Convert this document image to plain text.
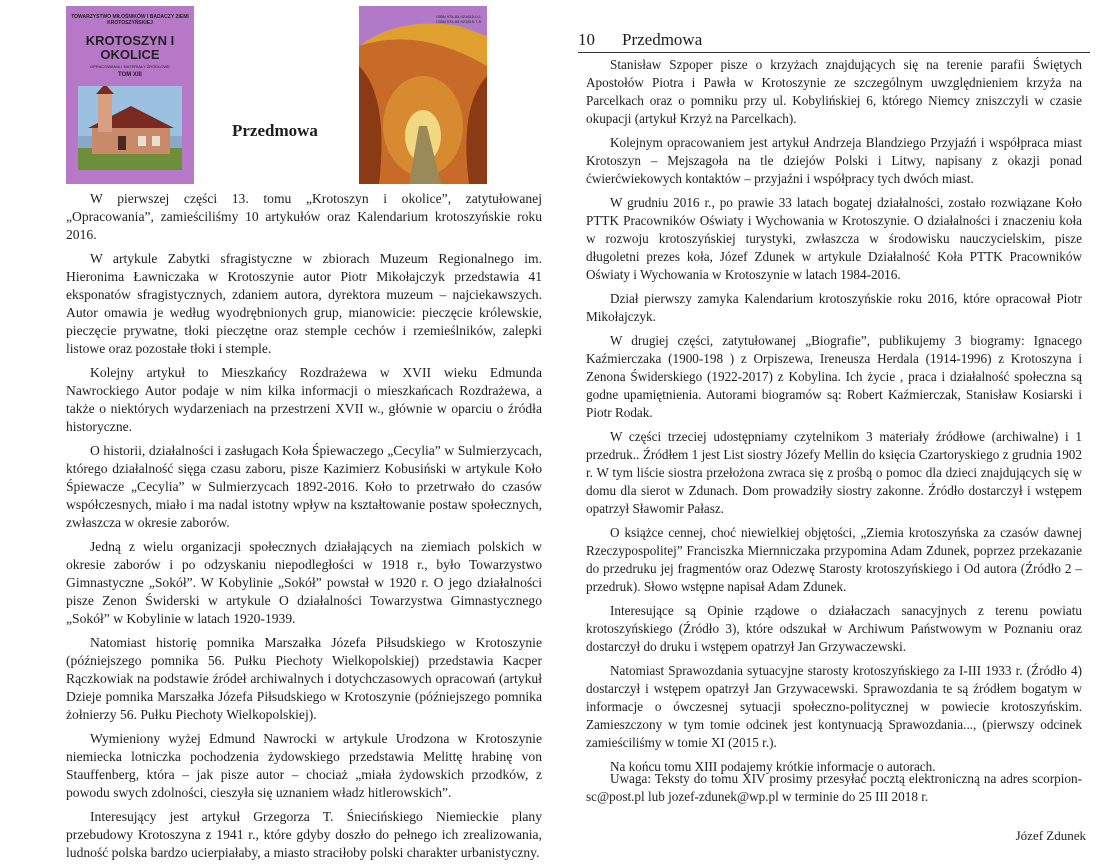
TOWARZYSTWO MIŁOŚNIKÓW I BADACZY ZIEMI KROTOSZYŃSKIEJ
KROTOSZYN I OKOLICE
OPRACOWANIA I MATERIAŁY ŹRÓDŁOWE
TOM XIII
ISBN 978-83-921815-0-1
ISBN 978-83-921815-7-5
Przedmowa

W pierwszej części 13. tomu „Krotoszyn i okolice”, zatytułowanej „Opracowania”, zamieściliśmy 10 artykułów oraz Kalendarium krotoszyńskie roku 2016.

W artykule Zabytki sfragistyczne w zbiorach Muzeum Regionalnego im. Hieronima Ławniczaka w Krotoszynie autor Piotr Mikołajczyk przedstawia 41 eksponatów sfragistycznych, zdaniem autora, dyrektora muzeum – najciekawszych. Autor omawia je według wyodrębnionych grup, mianowicie: pieczęcie królewskie, pieczęcie prywatne, tłoki pieczętne oraz stemple cechów i rzemieślników, zalepki listowe oraz pozostałe tłoki i stemple.

Kolejny artykuł to Mieszkańcy Rozdrażewa w XVII wieku Edmunda Nawrockiego Autor podaje w nim kilka informacji o mieszkańcach Rozdrażewa, a także o niektórych wydarzeniach na przestrzeni XVII w., głównie w oparciu o źródła historyczne.

O historii, działalności i zasługach Koła Śpiewaczego „Cecylia” w Sulmierzycach, którego działalność sięga czasu zaboru, pisze Kazimierz Kobusiński w artykule Koło Śpiewacze „Cecylia” w Sulmierzycach 1892-2016. Koło to przetrwało do czasów współczesnych, miało i ma nadal istotny wpływ na kształtowanie postaw społecznych, zwłaszcza w okresie zaborów.

Jedną z wielu organizacji społecznych działających na ziemiach polskich w okresie zaborów i po odzyskaniu niepodległości w 1918 r., było Towarzystwo Gimnastyczne „Sokół”. W Kobylinie „Sokół” powstał w 1920 r. O jego działalności pisze Zenon Świderski w artykule O działalności Towarzystwa Gimnastycznego „Sokół” w Kobylinie w latach 1920-1939.

Natomiast historię pomnika Marszałka Józefa Piłsudskiego w Krotoszynie (późniejszego pomnika 56. Pułku Piechoty Wielkopolskiej) przedstawia Kacper Rączkowiak na podstawie źródeł archiwalnych i dotychczasowych opracowań (artykuł Dzieje pomnika Marszałka Józefa Piłsudskiego w Krotoszynie (późniejszego pomnika żołnierzy 56. Pułku Piechoty Wielkopolskiej).

Wymieniony wyżej Edmund Nawrocki w artykule Urodzona w Krotoszynie niemiecka lotniczka pochodzenia żydowskiego przedstawia Melittę hrabinę von Stauffenberg, która – jak pisze autor – chociaż „miała żydowskich przodków, z powodu swych zdolności, cieszyła się uznaniem władz hitlerowskich”.

Interesujący jest artykuł Grzegorza T. Śniecińskiego Niemieckie plany przebudowy Krotoszyna z 1941 r., które gdyby doszło do pełnego ich zrealizowania, ludność polska bardzo ucierpiałaby, a miasto straciłoby polski charakter urbanistyczny.

10 Przedmowa

Stanisław Szpoper pisze o krzyżach znajdujących się na terenie parafii Świętych Apostołów Piotra i Pawła w Krotoszynie ze szczególnym uwzględnieniem krzyża na Parcelkach oraz o pomniku przy ul. Kobylińskiej 6, którego Niemcy zniszczyli w czasie okupacji (artykuł Krzyż na Parcelkach).

Kolejnym opracowaniem jest artykuł Andrzeja Blandziego Przyjaźń i współpraca miast Krotoszyn – Mejszagoła na tle dziejów Polski i Litwy, napisany z okazji ponad ćwierćwiekowych kontaktów – przyjaźni i współpracy tych dwóch miast.

W grudniu 2016 r., po prawie 33 latach bogatej działalności, zostało rozwiązane Koło PTTK Pracowników Oświaty i Wychowania w Krotoszynie. O działalności i znaczeniu koła w rozwoju krotoszyńskiej turystyki, zwłaszcza w środowisku nauczycielskim, pisze długoletni prezes koła, Józef Zdunek w artykule Działalność Koła PTTK Pracowników Oświaty i Wychowania w Krotoszynie w latach 1984-2016.

Dział pierwszy zamyka Kalendarium krotoszyńskie roku 2016, które opracował Piotr Mikołajczyk.

W drugiej części, zatytułowanej „Biografie”, publikujemy 3 biogramy: Ignacego Kaźmierczaka (1900-198 ) z Orpiszewa, Ireneusza Herdala (1914-1996) z Krotoszyna i Zenona Świderskiego (1922-2017) z Kobylina. Ich życie , praca i działalność społeczna są godne upamiętnienia. Autorami biogramów są: Robert Kaźmierczak, Stanisław Kosiarski i Piotr Rodak.

W części trzeciej udostępniamy czytelnikom 3 materiały źródłowe (archiwalne) i 1 przedruk.. Źródłem 1 jest List siostry Józefy Mellin do księcia Czartoryskiego z grudnia 1902 r. W tym liście siostra przełożona zwraca się z prośbą o pomoc dla dzieci znajdujących się w domu dla sierot w Zdunach. Dom prowadziły siostry zakonne. Źródło dostarczył i wstępem opatrzył Sławomir Pałasz.

O książce cennej, choć niewielkiej objętości, „Ziemia krotoszyńska za czasów dawnej Rzeczypospolitej” Franciszka Miernniczaka przypomina Adam Zdunek, poprzez przekazanie do przedruku jej fragmentów oraz Odezwę Starosty krotoszyńskiego i Od autora (Źródło 2 – przedruk). Słowo wstępne napisał Adam Zdunek.

Interesujące są Opinie rządowe o działaczach sanacyjnych z terenu powiatu krotoszyńskiego (Źródło 3), które odszukał w Archiwum Państwowym w Poznaniu oraz dostarczył do druku i wstępem opatrzył Jan Grzywaczewski.

Natomiast Sprawozdania sytuacyjne starosty krotoszyńskiego za I-III 1933 r. (Źródło 4) dostarczył i wstępem opatrzył Jan Grzywacewski. Sprawozdania te są źródłem bogatym w informacje o ówczesnej sytuacji społeczno-politycznej w powiecie krotoszyńskim. Zamieszczony w tym tomie odcinek jest kontynuacją Sprawozdania..., (pierwszy odcinek zamieściliśmy w tomie XI (2015 r.).

Na końcu tomu XIII podajemy krótkie informacje o autorach.

Uwaga: Teksty do tomu XIV prosimy przesyłać pocztą elektroniczną na adres scorpion-sc@post.pl lub jozef-zdunek@wp.pl w terminie do 25 III 2018 r.

Józef Zdunek
